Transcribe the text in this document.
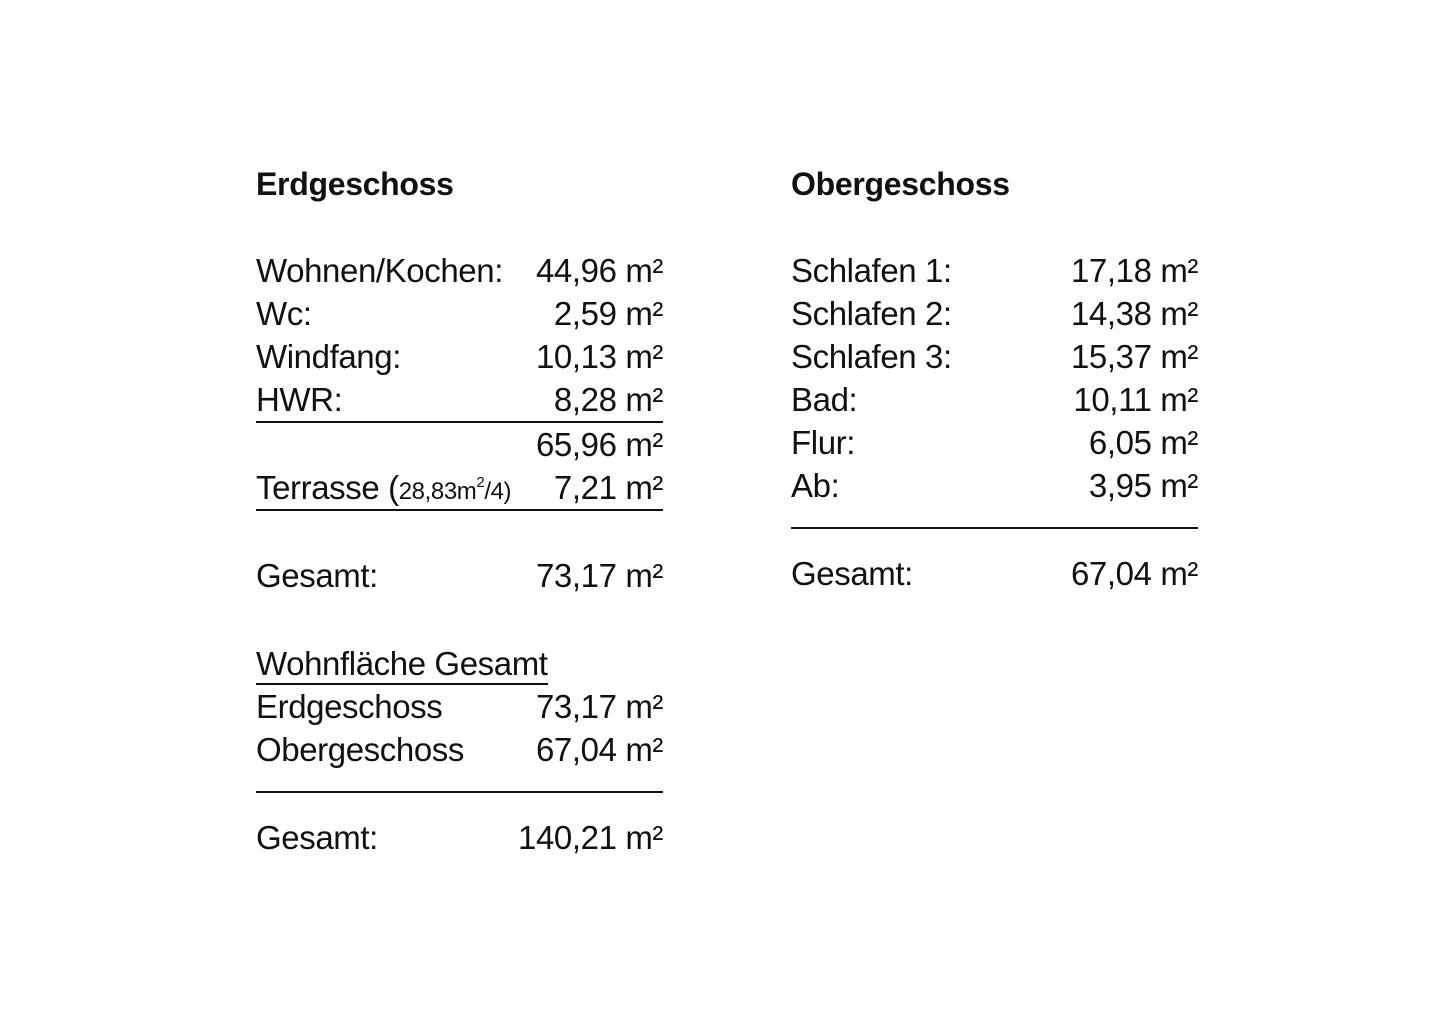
Erdgeschoss
Wohnen/Kochen: 44,96 m²
Wc:	2,59 m²
Windfang:	10,13 m²
HWR:	8,28 m²
65,96 m²
Terrasse $(28,83m^2/4)$ 7,21 m²
Gesamt:	73,17 m²
Wohnfläche Gesamt
Erdgeschoss	73,17 m²
Obergeschoss 67,04 m²
Gesamt:	140,21 m²
Obergeschoss
Schlafen 1:	17,18 m²
Schlafen 2:	14,38 m²
Schlafen 3:	15,37 m²
Bad:	10,11 m²
Flur:	6,05 m²
Ab:	3,95 m²
Gesamt:	67,04 m²
